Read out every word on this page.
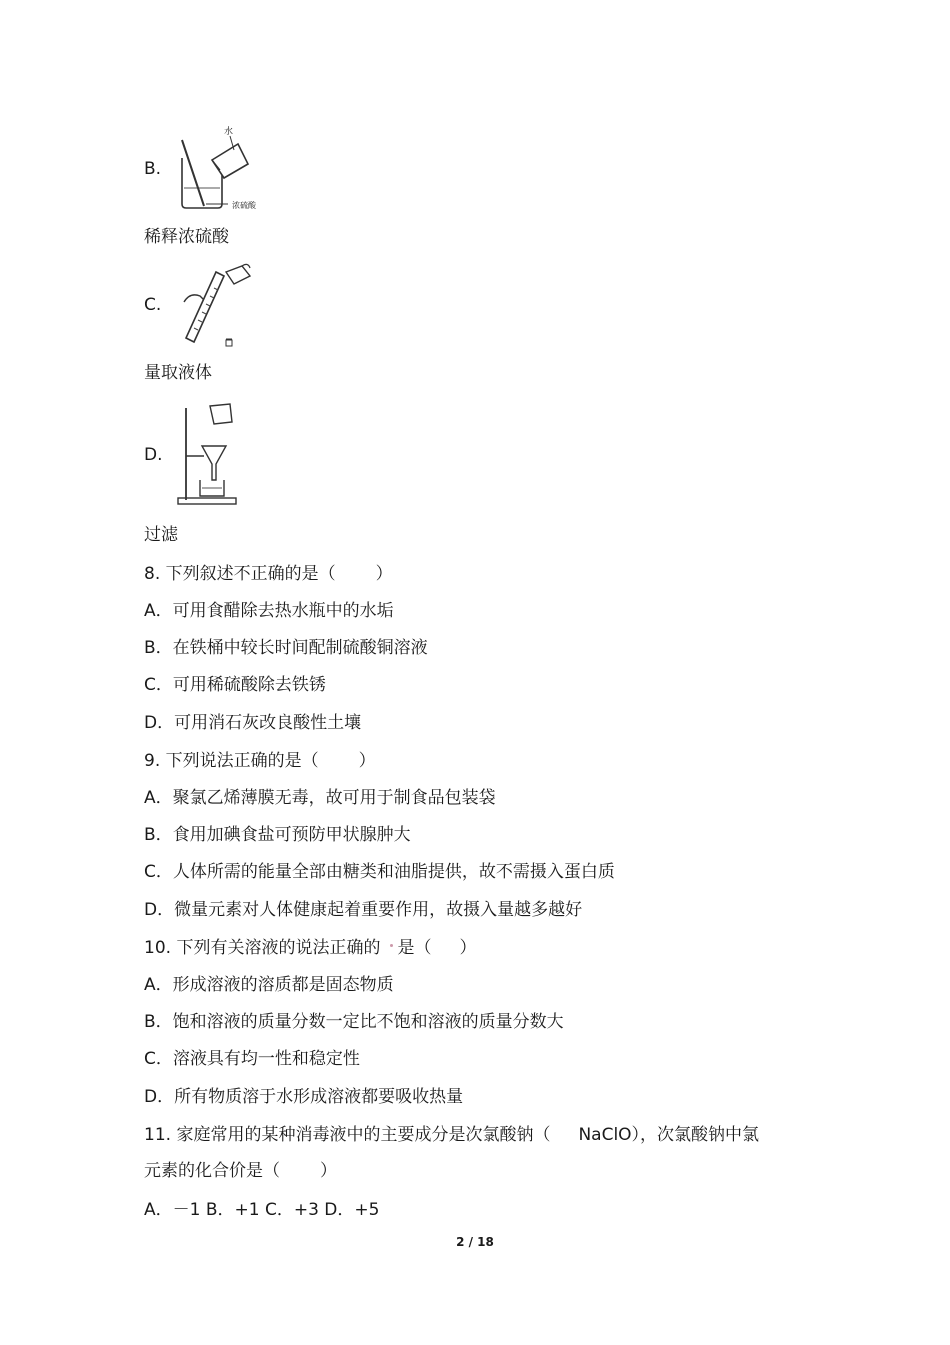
B.
水
浓硫酸
稀释浓硫酸
C.
量取液体
D.
过滤
8. 下列叙述不正确的是（ ）
A．可用食醋除去热水瓶中的水垢
B．在铁桶中较长时间配制硫酸铜溶液
C．可用稀硫酸除去铁锈
D．可用消石灰改良酸性土壤
9. 下列说法正确的是（ ）
A．聚氯乙烯薄膜无毒，故可用于制食品包装袋
B．食用加碘食盐可预防甲状腺肿大
C．人体所需的能量全部由糖类和油脂提供，故不需摄入蛋白质
D．微量元素对人体健康起着重要作用，故摄入量越多越好
10. 下列有关溶液的说法正确的 是（ ）
A．形成溶液的溶质都是固态物质
B．饱和溶液的质量分数一定比不饱和溶液的质量分数大
C．溶液具有均一性和稳定性
D．所有物质溶于水形成溶液都要吸收热量
11. 家庭常用的某种消毒液中的主要成分是次氯酸钠（ NaClO），次氯酸钠中氯
元素的化合价是（ ）
A．－1 B．+1 C．+3 D．+5
2 / 18
